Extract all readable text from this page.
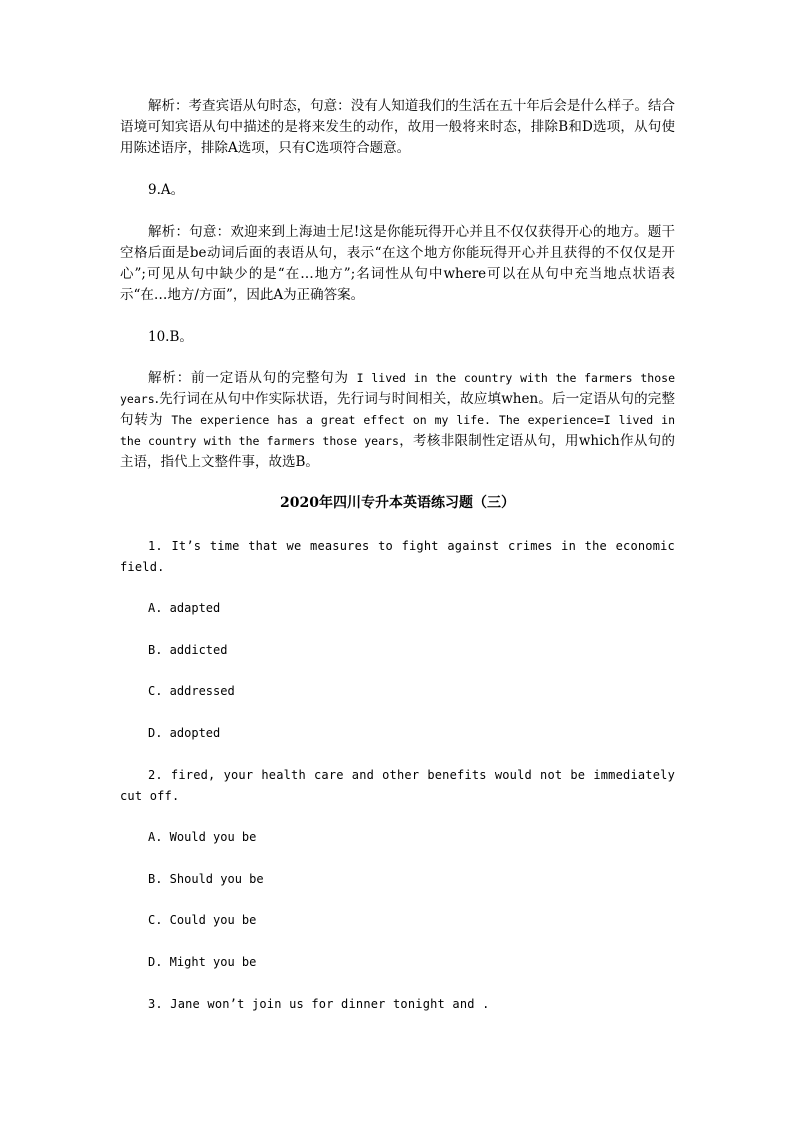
解析：考查宾语从句时态，句意：没有人知道我们的生活在五十年后会是什么样子。结合语境可知宾语从句中描述的是将来发生的动作，故用一般将来时态，排除B和D选项，从句使用陈述语序，排除A选项，只有C选项符合题意。

9.A。

解析：句意：欢迎来到上海迪士尼!这是你能玩得开心并且不仅仅获得开心的地方。题干空格后面是be动词后面的表语从句，表示“在这个地方你能玩得开心并且获得的不仅仅是开心”;可见从句中缺少的是“在…地方”;名词性从句中where可以在从句中充当地点状语表示“在…地方/方面”，因此A为正确答案。

10.B。

解析：前一定语从句的完整句为 I lived in the country with the farmers those years.先行词在从句中作实际状语，先行词与时间相关，故应填when。后一定语从句的完整句转为 The experience has a great effect on my life. The experience=I lived in the country with the farmers those years，考核非限制性定语从句，用which作从句的主语，指代上文整件事，故选B。

2020年四川专升本英语练习题（三）

1. It’s time that we measures to fight against crimes in the economic field.

A. adapted

B. addicted

C. addressed

D. adopted

2. fired, your health care and other benefits would not be immediately cut off.

A. Would you be

B. Should you be

C. Could you be

D. Might you be

3. Jane won’t join us for dinner tonight and .
